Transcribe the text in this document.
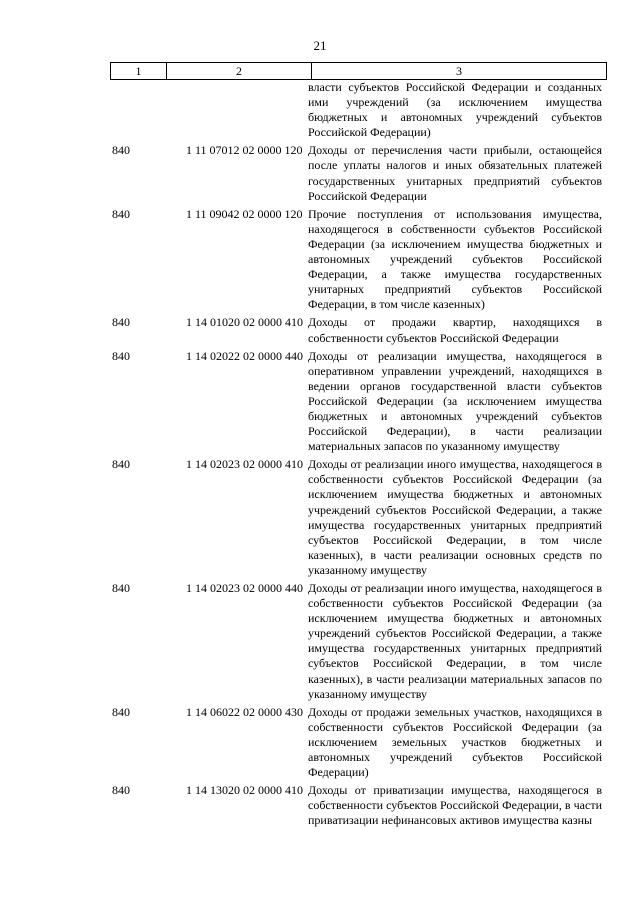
21
1	2	3
власти субъектов Российской Федерации и созданных ими учреждений (за исключением имущества бюджетных и автономных учреждений субъектов Российской Федерации)
840	1 11 07012 02 0000 120 Доходы от перечисления части прибыли, остающейся после уплаты налогов и иных обязательных платежей государственных унитарных предприятий субъектов Российской Федерации
840	1 11 09042 02 0000 120 Прочие поступления от использования имущества, находящегося в собственности субъектов Российской Федерации (за исключением имущества бюджетных и автономных учреждений субъектов Российской Федерации, а также имущества государственных унитарных предприятий субъектов Российской Федерации, в том числе казенных)
840	1 14 01020 02 0000 410 Доходы от продажи квартир, находящихся в собственности субъектов Российской Федерации
840	1 14 02022 02 0000 440 Доходы от реализации имущества, находящегося в оперативном управлении учреждений, находящихся в ведении органов государственной власти субъектов Российской Федерации (за исключением имущества бюджетных и автономных учреждений субъектов Российской Федерации), в части реализации материальных запасов по указанному имуществу
840	1 14 02023 02 0000 410 Доходы от реализации иного имущества, находящегося в собственности субъектов Российской Федерации (за исключением имущества бюджетных и автономных учреждений субъектов Российской Федерации, а также имущества государственных унитарных предприятий субъектов Российской Федерации, в том числе казенных), в части реализации основных средств по указанному имуществу
840	1 14 02023 02 0000 440 Доходы от реализации иного имущества, находящегося в собственности субъектов Российской Федерации (за исключением имущества бюджетных и автономных учреждений субъектов Российской Федерации, а также имущества государственных унитарных предприятий субъектов Российской Федерации, в том числе казенных), в части реализации материальных запасов по указанному имуществу
840	1 14 06022 02 0000 430 Доходы от продажи земельных участков, находящихся в собственности субъектов Российской Федерации (за исключением земельных участков бюджетных и автономных учреждений субъектов Российской Федерации)
840	1 14 13020 02 0000 410 Доходы от приватизации имущества, находящегося в собственности субъектов Российской Федерации, в части приватизации нефинансовых активов имущества казны
